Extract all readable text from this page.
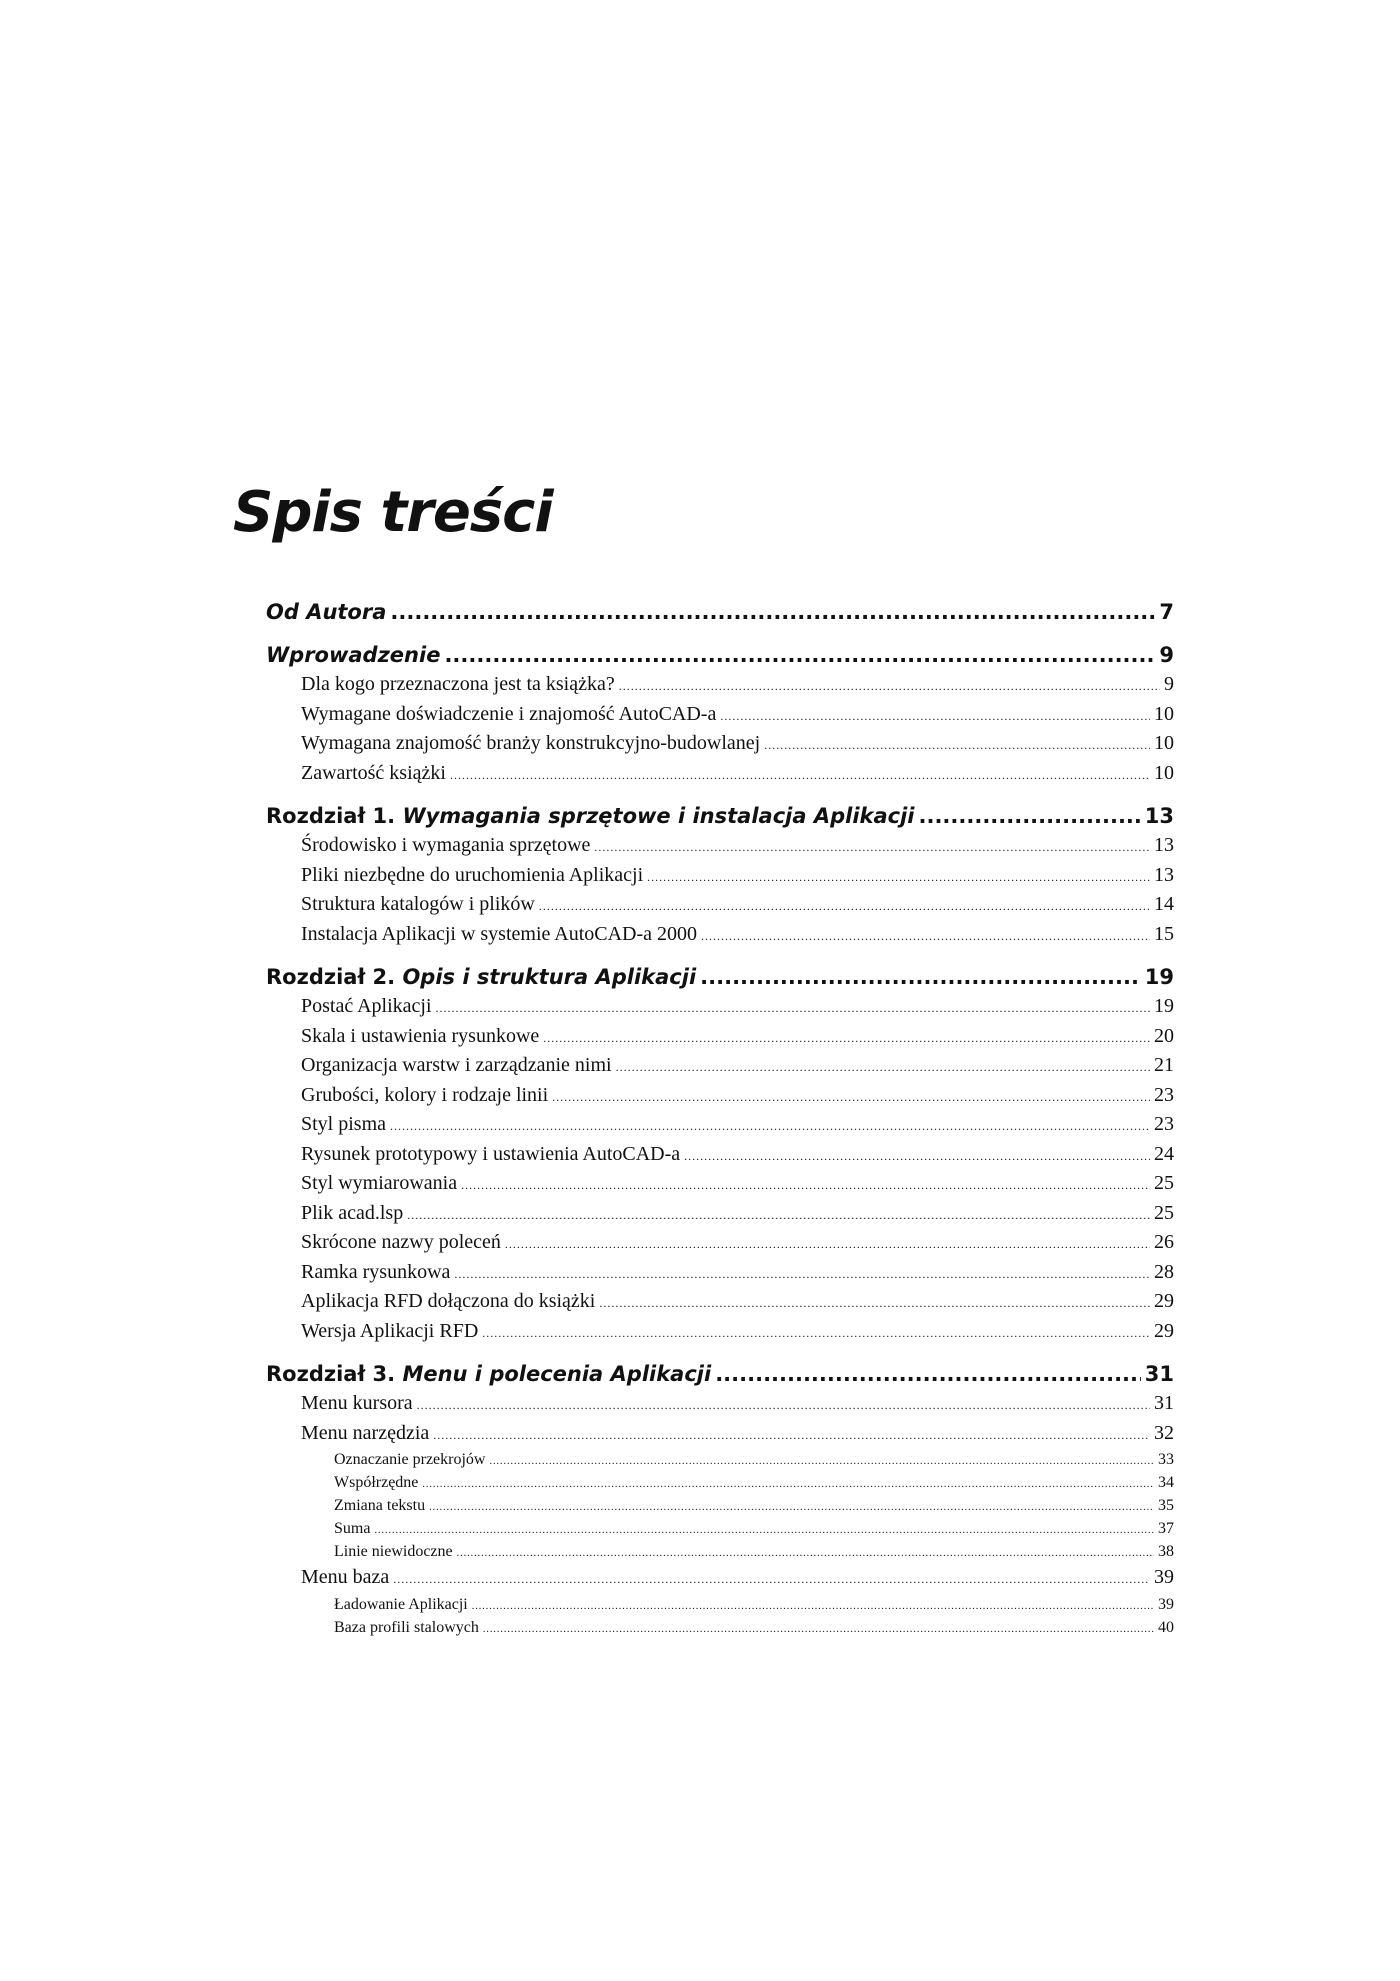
Spis treści
Od Autora .....	7
Wprowadzenie .....	9
Dla kogo przeznaczona jest ta książka? .....	9
Wymagane doświadczenie i znajomość AutoCAD-a .....	10
Wymagana znajomość branży konstrukcyjno-budowlanej .....	10
Zawartość książki .....	10
Rozdział 1. Wymagania sprzętowe i instalacja Aplikacji .....	13
Środowisko i wymagania sprzętowe .....	13
Pliki niezbędne do uruchomienia Aplikacji .....	13
Struktura katalogów i plików .....	14
Instalacja Aplikacji w systemie AutoCAD-a 2000 .....	15
Rozdział 2. Opis i struktura Aplikacji .....	19
Postać Aplikacji .....	19
Skala i ustawienia rysunkowe .....	20
Organizacja warstw i zarządzanie nimi .....	21
Grubości, kolory i rodzaje linii .....	23
Styl pisma .....	23
Rysunek prototypowy i ustawienia AutoCAD-a .....	24
Styl wymiarowania .....	25
Plik acad.lsp .....	25
Skrócone nazwy poleceń .....	26
Ramka rysunkowa .....	28
Aplikacja RFD dołączona do książki .....	29
Wersja Aplikacji RFD .....	29
Rozdział 3. Menu i polecenia Aplikacji .....	31
Menu kursora .....	31
Menu narzędzia .....	32
Oznaczanie przekrojów .....	33
Współrzędne .....	34
Zmiana tekstu .....	35
Suma .....	37
Linie niewidoczne .....	38
Menu baza .....	39
Ładowanie Aplikacji .....	39
Baza profili stalowych .....	40
